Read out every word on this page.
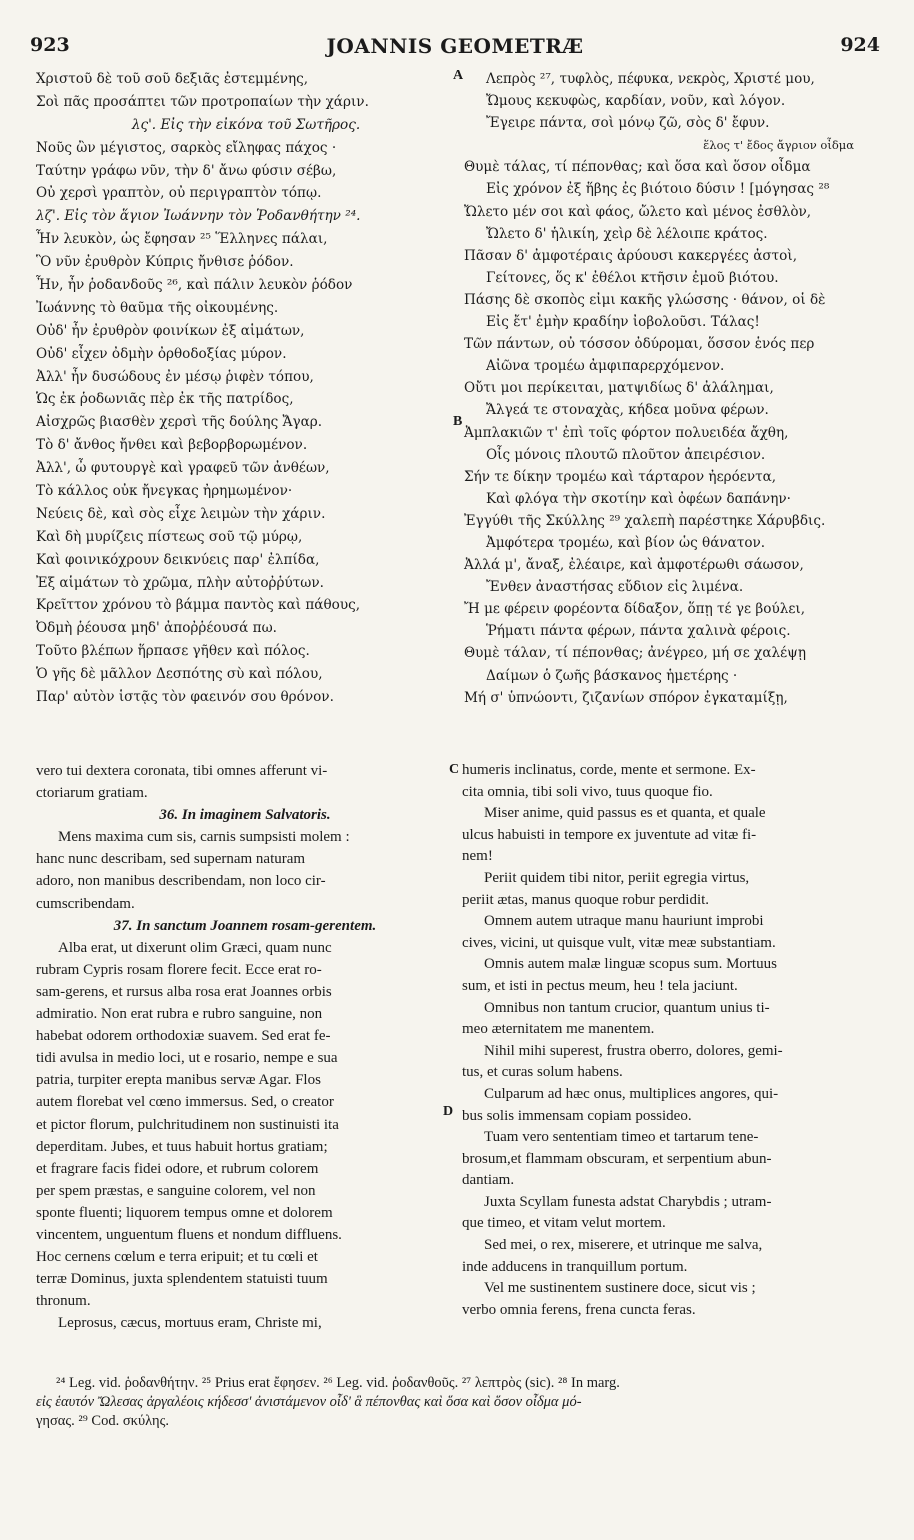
923	JOANNIS GEOMETRÆ	924
Χριστοῦ δὲ τοῦ σοῦ δεξιᾶς ἐστεμμένης,
Σοὶ πᾶς προσάπτει τῶν προτροπαίων τὴν χάριν.
λς'. Εἰς τὴν εἰκόνα τοῦ Σωτῆρος.
Νοῦς ὢν μέγιστος, σαρκὸς εἴληφας πάχος ·
Ταύτην γράφω νῦν, τὴν δ' ἄνω φύσιν σέβω,
Οὐ χερσὶ γραπτὸν, οὐ περιγραπτὸν τόπῳ.
λζ'. Εἰς τὸν ἅγιον Ἰωάννην τὸν Ῥοδανθήτην ²⁴.
Ἦν λευκὸν, ὡς ἔφησαν ²⁵ Ἕλληνες πάλαι,
Ὃ νῦν ἐρυθρὸν Κύπρις ἤνθισε ῥόδον.
Ἦν, ἦν ῥοδανδοῦς ²⁶, καὶ πάλιν λευκὸν ῥόδον
Ἰωάννης τὸ θαῦμα τῆς οἰκουμένης.
Οὐδ' ἦν ἐρυθρὸν φοινίκων ἐξ αἱμάτων,
Οὐδ' εἶχεν ὀδμὴν ὀρθοδοξίας μύρον.
Ἀλλ' ἦν δυσώδους ἐν μέσῳ ῥιφὲν τόπου,
Ὡς ἐκ ῥοδωνιᾶς πὲρ ἐκ τῆς πατρίδος,
Αἰσχρῶς βιασθὲν χερσὶ τῆς δούλης Ἄγαρ.
Τὸ δ' ἄνθος ἤνθει καὶ βεβορβορωμένον.
Ἀλλ', ὦ φυτουργὲ καὶ γραφεῦ τῶν ἀνθέων,
Τὸ κάλλος οὐκ ἤνεγκας ἠρημωμένον·
Νεύεις δὲ, καὶ σὸς εἶχε λειμὼν τὴν χάριν.
Καὶ δὴ μυρίζεις πίστεως σοῦ τῷ μύρῳ,
Καὶ φοινικόχρουν δεικνύεις παρ' ἐλπίδα,
Ἐξ αἱμάτων τὸ χρῶμα, πλὴν αὐτοῤῥύτων.
Κρεῖττον χρόνου τὸ βάμμα παντὸς καὶ πάθους,
Ὀδμὴ ῥέουσα μηδ' ἀποῤῥέουσά πω.
Τοῦτο βλέπων ἥρπασε γῆθεν καὶ πόλος.
Ὁ γῆς δὲ μᾶλλον Δεσπότης σὺ καὶ πόλου,
Παρ' αὐτὸν ἱστᾷς τὸν φαεινόν σου θρόνον.
A
B
C
D
Λεπρὸς ²⁷, τυφλὸς, πέφυκα, νεκρὸς, Χριστέ μου,
Ὤμους κεκυφὼς, καρδίαν, νοῦν, καὶ λόγον.
Ἔγειρε πάντα, σοὶ μόνῳ ζῶ, σὸς δ' ἔφυν.
ἕλος τ' ἔδος ἄγριον οἶδμα
Θυμὲ τάλας, τί πέπονθας; καὶ ὅσα καὶ ὅσον οἶδμα
Εἰς χρόνον ἐξ ἥβης ἐς βιότοιο δύσιν ! [μόγησας ²⁸
Ὤλετο μέν σοι καὶ φάος, ὤλετο καὶ μένος ἐσθλὸν,
Ὤλετο δ' ἡλικίη, χεὶρ δὲ λέλοιπε κράτος.
Πᾶσαν δ' ἀμφοτέραις ἀρύουσι κακεργέες ἀστοὶ,
Γείτονες, ὅς κ' ἐθέλοι κτῆσιν ἐμοῦ βιότου.
Πάσης δὲ σκοπὸς εἰμι κακῆς γλώσσης · θάνον, οἱ δὲ
Εἰς ἔτ' ἐμὴν κραδίην ἰοβολοῦσι. Τάλας!
Τῶν πάντων, οὐ τόσσον ὀδύρομαι, ὅσσον ἑνός περ
Αἰῶνα τρομέω ἀμφιπαρερχόμενον.
Οὔτι μοι περίκειται, ματψιδίως δ' ἀλάλημαι,
Ἄλγεά τε στοναχὰς, κήδεα μοῦνα φέρων.
Ἀμπλακιῶν τ' ἐπὶ τοῖς φόρτον πολυειδέα ἄχθη,
Οἷς μόνοις πλουτῶ πλοῦτον ἀπειρέσιον.
Σήν τε δίκην τρομέω καὶ τάρταρον ἠερόεντα,
Καὶ φλόγα τὴν σκοτίην καὶ ὀφέων δαπάνην·
Ἐγγύθι τῆς Σκύλλης ²⁹ χαλεπὴ παρέστηκε Χάρυβδις.
Ἀμφότερα τρομέω, καὶ βίον ὡς θάνατον.
Ἀλλά μ', ἄναξ, ἐλέαιρε, καὶ ἀμφοτέρωθι σάωσον,
Ἔνθεν ἀναστήσας εὔδιον εἰς λιμένα.
Ἤ με φέρειν φορέοντα δίδαξον, ὅπῃ τέ γε βούλει,
Ῥήματι πάντα φέρων, πάντα χαλινὰ φέροις.
Θυμὲ τάλαν, τί πέπονθας; ἀνέγρεο, μή σε χαλέψῃ
Δαίμων ὁ ζωῆς βάσκανος ἡμετέρης ·
Μή σ' ὑπνώοντι, ζιζανίων σπόρον ἐγκαταμίξῃ,
vero tui dextera coronata, tibi omnes afferunt vi-
ctoriarum gratiam.
36. In imaginem Salvatoris.
Mens maxima cum sis, carnis sumpsisti molem :
hanc nunc describam, sed supernam naturam
adoro, non manibus describendam, non loco cir-
cumscribendam.
37. In sanctum Joannem rosam-gerentem.
Alba erat, ut dixerunt olim Græci, quam nunc
rubram Cypris rosam florere fecit. Ecce erat ro-
sam-gerens, et rursus alba rosa erat Joannes orbis
admiratio. Non erat rubra e rubro sanguine, non
habebat odorem orthodoxiæ suavem. Sed erat fe-
tidi avulsa in medio loci, ut e rosario, nempe e sua
patria, turpiter erepta manibus servæ Agar. Flos
autem florebat vel cœno immersus. Sed, o creator
et pictor florum, pulchritudinem non sustinuisti ita
deperditam. Jubes, et tuus habuit hortus gratiam;
et fragrare facis fidei odore, et rubrum colorem
per spem præstas, e sanguine colorem, vel non
sponte fluenti; liquorem tempus omne et dolorem
vincentem, unguentum fluens et nondum diffluens.
Hoc cernens cœlum e terra eripuit; et tu cœli et
terræ Dominus, juxta splendentem statuisti tuum
thronum.
Leprosus, cæcus, mortuus eram, Christe mi,
humeris inclinatus, corde, mente et sermone. Ex-
cita omnia, tibi soli vivo, tuus quoque fio.
Miser anime, quid passus es et quanta, et quale
ulcus habuisti in tempore ex juventute ad vitæ fi-
nem!
Periit quidem tibi nitor, periit egregia virtus,
periit ætas, manus quoque robur perdidit.
Omnem autem utraque manu hauriunt improbi
cives, vicini, ut quisque vult, vitæ meæ substantiam.
Omnis autem malæ linguæ scopus sum. Mortuus
sum, et isti in pectus meum, heu ! tela jaciunt.
Omnibus non tantum crucior, quantum unius ti-
meo æternitatem me manentem.
Nihil mihi superest, frustra oberro, dolores, gemi-
tus, et curas solum habens.
Culparum ad hæc onus, multiplices angores, qui-
bus solis immensam copiam possideo.
Tuam vero sententiam timeo et tartarum tene-
brosum,et flammam obscuram, et serpentium abun-
dantiam.
Juxta Scyllam funesta adstat Charybdis ; utram-
que timeo, et vitam velut mortem.
Sed mei, o rex, miserere, et utrinque me salva,
inde adducens in tranquillum portum.
Vel me sustinentem sustinere doce, sicut vis ;
verbo omnia ferens, frena cuncta feras.
²⁴ Leg. vid. ῥοδανθήτην. ²⁵ Prius erat ἔφησεν. ²⁶ Leg. vid. ῥοδανθοῦς. ²⁷ λεπτρὸς (sic). ²⁸ In marg.
εἰς ἑαυτόν Ὤλεσας ἀργαλέοις κήδεσσ' ἀνιστάμενον οἶδ' ἃ πέπονθας καὶ ὅσα καὶ ὅσον οἶδμα μό-
γησας. ²⁹ Cod. σκύλης.
